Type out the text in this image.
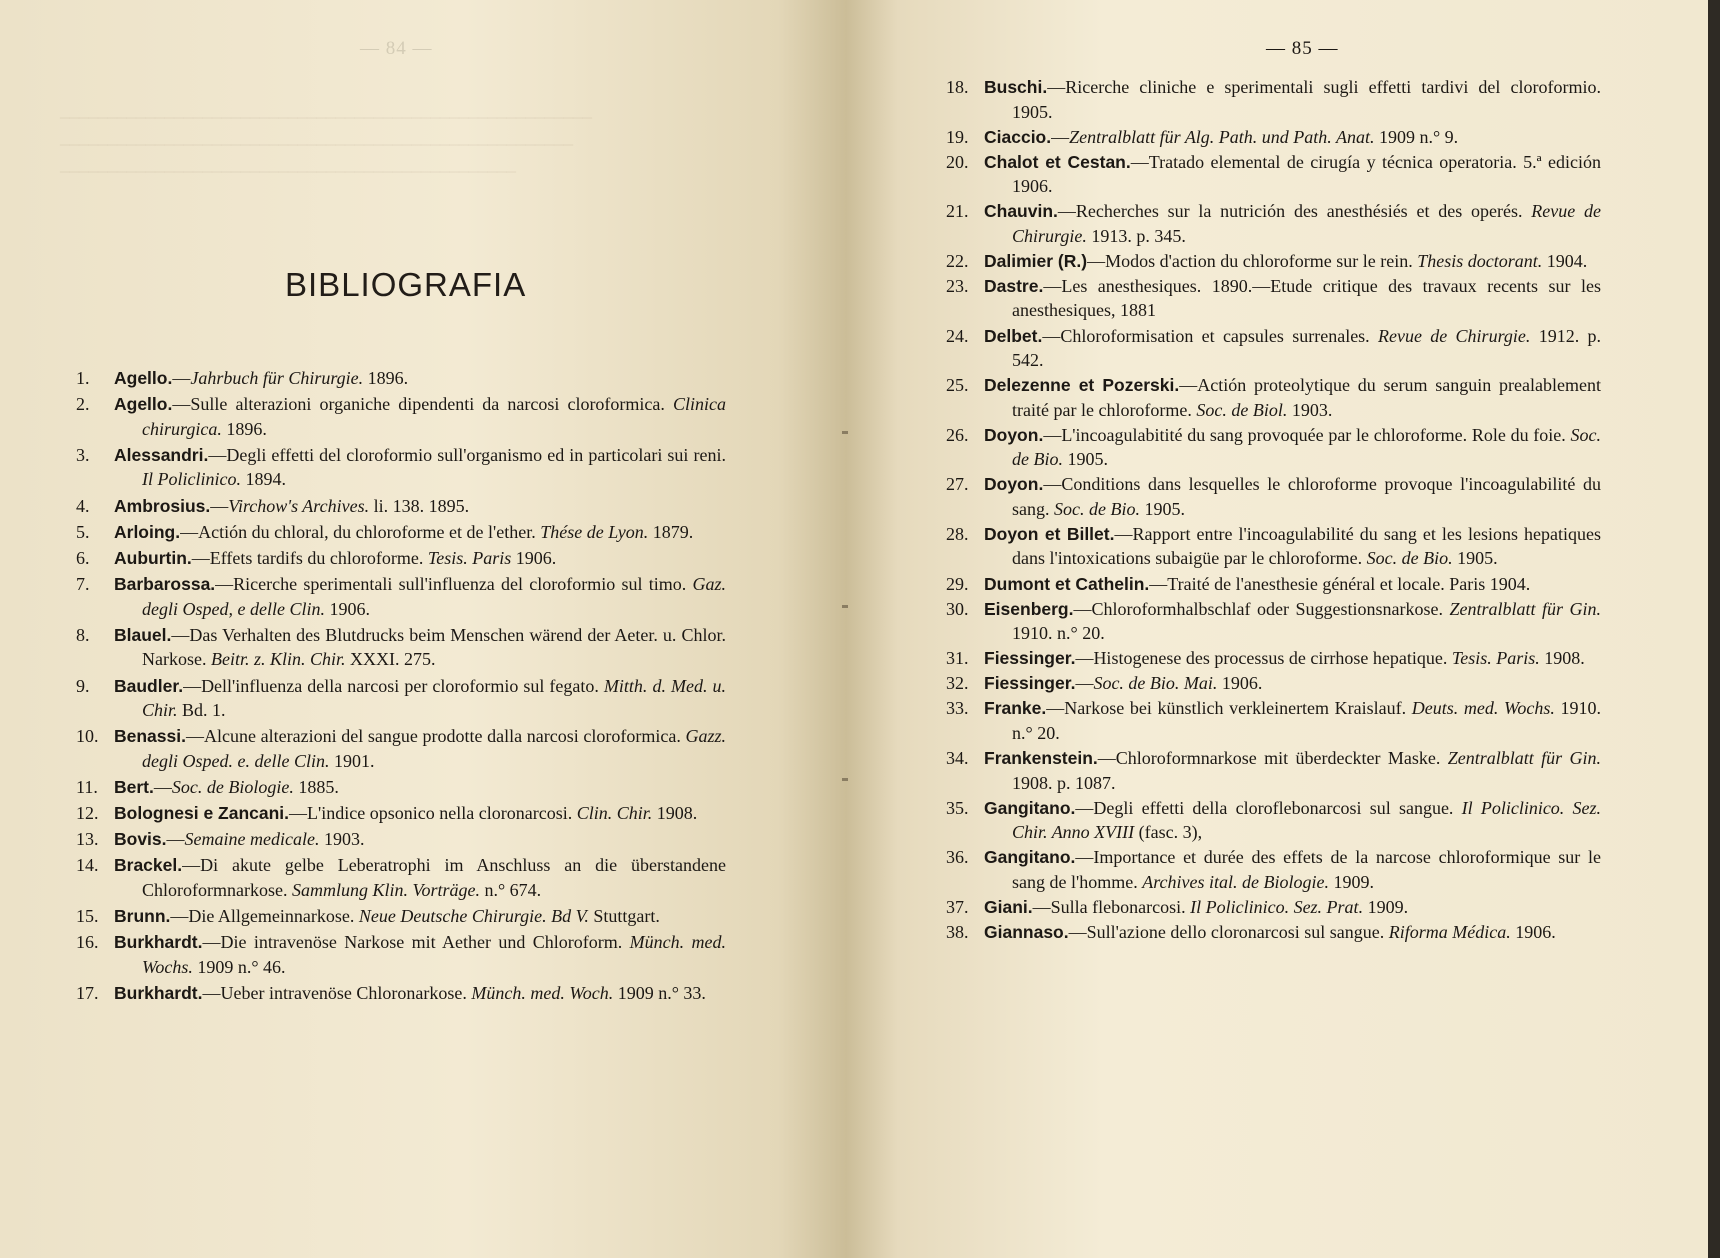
________________________________________________________
______________________________________________________
________________________________________________

— 84 —
BIBLIOGRAFIA
1.	Agello.—Jahrbuch für Chirurgie. 1896.
2.	Agello.—Sulle alterazioni organiche dipendenti da narcosi cloroformica. Clinica chirurgica. 1896.
3.	Alessandri.—Degli effetti del cloroformio sull'organismo ed in particolari sui reni. Il Policlinico. 1894.
4.	Ambrosius.—Virchow's Archives. li. 138. 1895.
5.	Arloing.—Actión du chloral, du chloroforme et de l'ether. Thése de Lyon. 1879.
6.	Auburtin.—Effets tardifs du chloroforme. Tesis. Paris 1906.
7.	Barbarossa.—Ricerche sperimentali sull'influenza del cloroformio sul timo. Gaz. degli Osped, e delle Clin. 1906.
8.	Blauel.—Das Verhalten des Blutdrucks beim Menschen wärend der Aeter. u. Chlor. Narkose. Beitr. z. Klin. Chir. XXXI. 275.
9.	Baudler.—Dell'influenza della narcosi per cloroformio sul fegato. Mitth. d. Med. u. Chir. Bd. 1.
10. Benassi.—Alcune alterazioni del sangue prodotte dalla narcosi cloroformica. Gazz. degli Osped. e. delle Clin. 1901.
11. Bert.—Soc. de Biologie. 1885.
12. Bolognesi e Zancani.—L'indice opsonico nella cloronarcosi. Clin. Chir. 1908.
13. Bovis.—Semaine medicale. 1903.
14. Brackel.—Di akute gelbe Leberatrophi im Anschluss an die überstandene Chloroformnarkose. Sammlung Klin. Vorträge. n.° 674.
15. Brunn.—Die Allgemeinnarkose. Neue Deutsche Chirurgie. Bd V. Stuttgart.
16. Burkhardt.—Die intravenöse Narkose mit Aether und Chloroform. Münch. med. Wochs. 1909 n.° 46.
17. Burkhardt.—Ueber intravenöse Chloronarkose. Münch. med. Woch. 1909 n.° 33.
— 85 —
18. Buschi.—Ricerche cliniche e sperimentali sugli effetti tardivi del cloroformio. 1905.
19. Ciaccio.—Zentralblatt für Alg. Path. und Path. Anat. 1909 n.° 9.
20. Chalot et Cestan.—Tratado elemental de cirugía y técnica operatoria. 5.ª edición 1906.
21. Chauvin.—Recherches sur la nutrición des anesthésiés et des operés. Revue de Chirurgie. 1913. p. 345.
22. Dalimier (R.)—Modos d'action du chloroforme sur le rein. Thesis doctorant. 1904.
23. Dastre.—Les anesthesiques. 1890.—Etude critique des travaux recents sur les anesthesiques, 1881
24. Delbet.—Chloroformisation et capsules surrenales. Revue de Chirurgie. 1912. p. 542.
25. Delezenne et Pozerski.—Actión proteolytique du serum sanguin prealablement traité par le chloroforme. Soc. de Biol. 1903.
26. Doyon.—L'incoagulabitité du sang provoquée par le chloroforme. Role du foie. Soc. de Bio. 1905.
27. Doyon.—Conditions dans lesquelles le chloroforme provoque l'incoagulabilité du sang. Soc. de Bio. 1905.
28. Doyon et Billet.—Rapport entre l'incoagulabilité du sang et les lesions hepatiques dans l'intoxications subaigüe par le chloroforme. Soc. de Bio. 1905.
29. Dumont et Cathelin.—Traité de l'anesthesie général et locale. Paris 1904.
30. Eisenberg.—Chloroformhalbschlaf oder Suggestionsnarkose. Zentralblatt für Gin. 1910. n.° 20.
31. Fiessinger.—Histogenese des processus de cirrhose hepatique. Tesis. Paris. 1908.
32. Fiessinger.—Soc. de Bio. Mai. 1906.
33. Franke.—Narkose bei künstlich verkleinertem Kraislauf. Deuts. med. Wochs. 1910. n.° 20.
34. Frankenstein.—Chloroformnarkose mit überdeckter Maske. Zentralblatt für Gin. 1908. p. 1087.
35. Gangitano.—Degli effetti della cloroflebonarcosi sul sangue. Il Policlinico. Sez. Chir. Anno XVIII (fasc. 3),
36. Gangitano.—Importance et durée des effets de la narcose chloroformique sur le sang de l'homme. Archives ital. de Biologie. 1909.
37. Giani.—Sulla flebonarcosi. Il Policlinico. Sez. Prat. 1909.
38. Giannaso.—Sull'azione dello cloronarcosi sul sangue. Riforma Médica. 1906.
